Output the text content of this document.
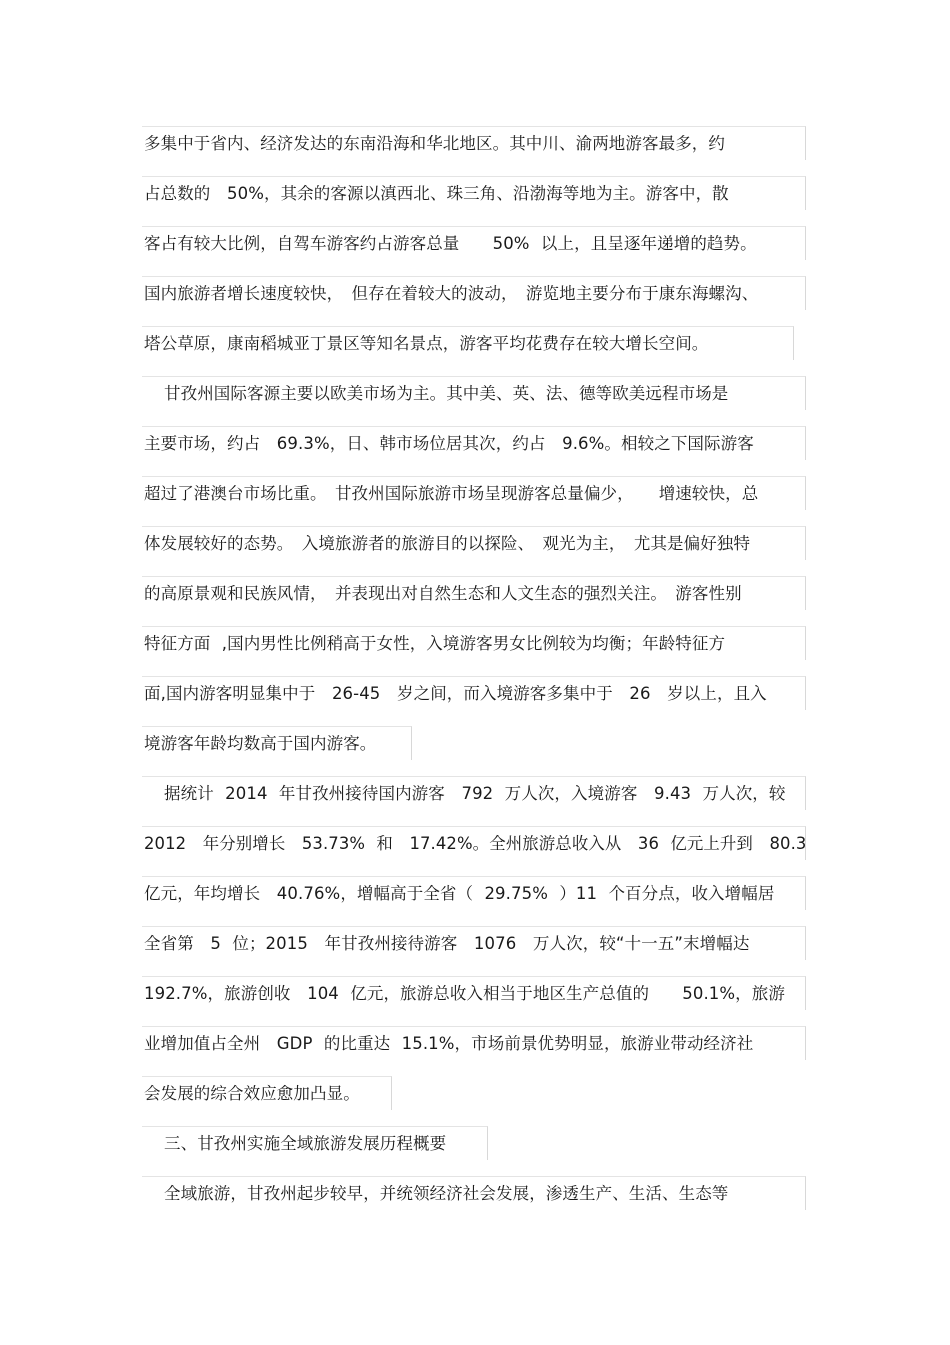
多集中于省内、经济发达的东南沿海和华北地区。其中川、渝两地游客最多，约
占总数的　50%，其余的客源以滇西北、珠三角、沿渤海等地为主。游客中，散
客占有较大比例，自驾车游客约占游客总量　　50% 以上，且呈逐年递增的趋势。
国内旅游者增长速度较快，　但存在着较大的波动，　游览地主要分布于康东海螺沟、
塔公草原，康南稻城亚丁景区等知名景点，游客平均花费存在较大增长空间。
甘孜州国际客源主要以欧美市场为主。其中美、英、法、德等欧美远程市场是
主要市场，约占　69.3%，日、韩市场位居其次，约占　9.6%。相较之下国际游客
超过了港澳台市场比重。　甘孜州国际旅游市场呈现游客总量偏少，　　增速较快，总
体发展较好的态势。　入境旅游者的旅游目的以探险、　观光为主，　尤其是偏好独特
的高原景观和民族风情，　并表现出对自然生态和人文生态的强烈关注。　游客性别
特征方面 ,国内男性比例稍高于女性，入境游客男女比例较为均衡；年龄特征方
面,国内游客明显集中于　26-45　岁之间，而入境游客多集中于　26　岁以上，且入
境游客年龄均数高于国内游客。
据统计 2014 年甘孜州接待国内游客　792 万人次，入境游客　9.43 万人次，较
2012　年分别增长　53.73% 和　17.42%。全州旅游总收入从　36 亿元上升到　80.3
亿元，年均增长　40.76%，增幅高于全省（ 29.75% ）11 个百分点，收入增幅居
全省第　5 位；2015　年甘孜州接待游客　1076　万人次，较“十一五”末增幅达
192.7%，旅游创收　104 亿元，旅游总收入相当于地区生产总值的　　50.1%，旅游
业增加值占全州　GDP 的比重达 15.1%，市场前景优势明显，旅游业带动经济社
会发展的综合效应愈加凸显。
三、甘孜州实施全域旅游发展历程概要
全域旅游，甘孜州起步较早，并统领经济社会发展，渗透生产、生活、生态等
